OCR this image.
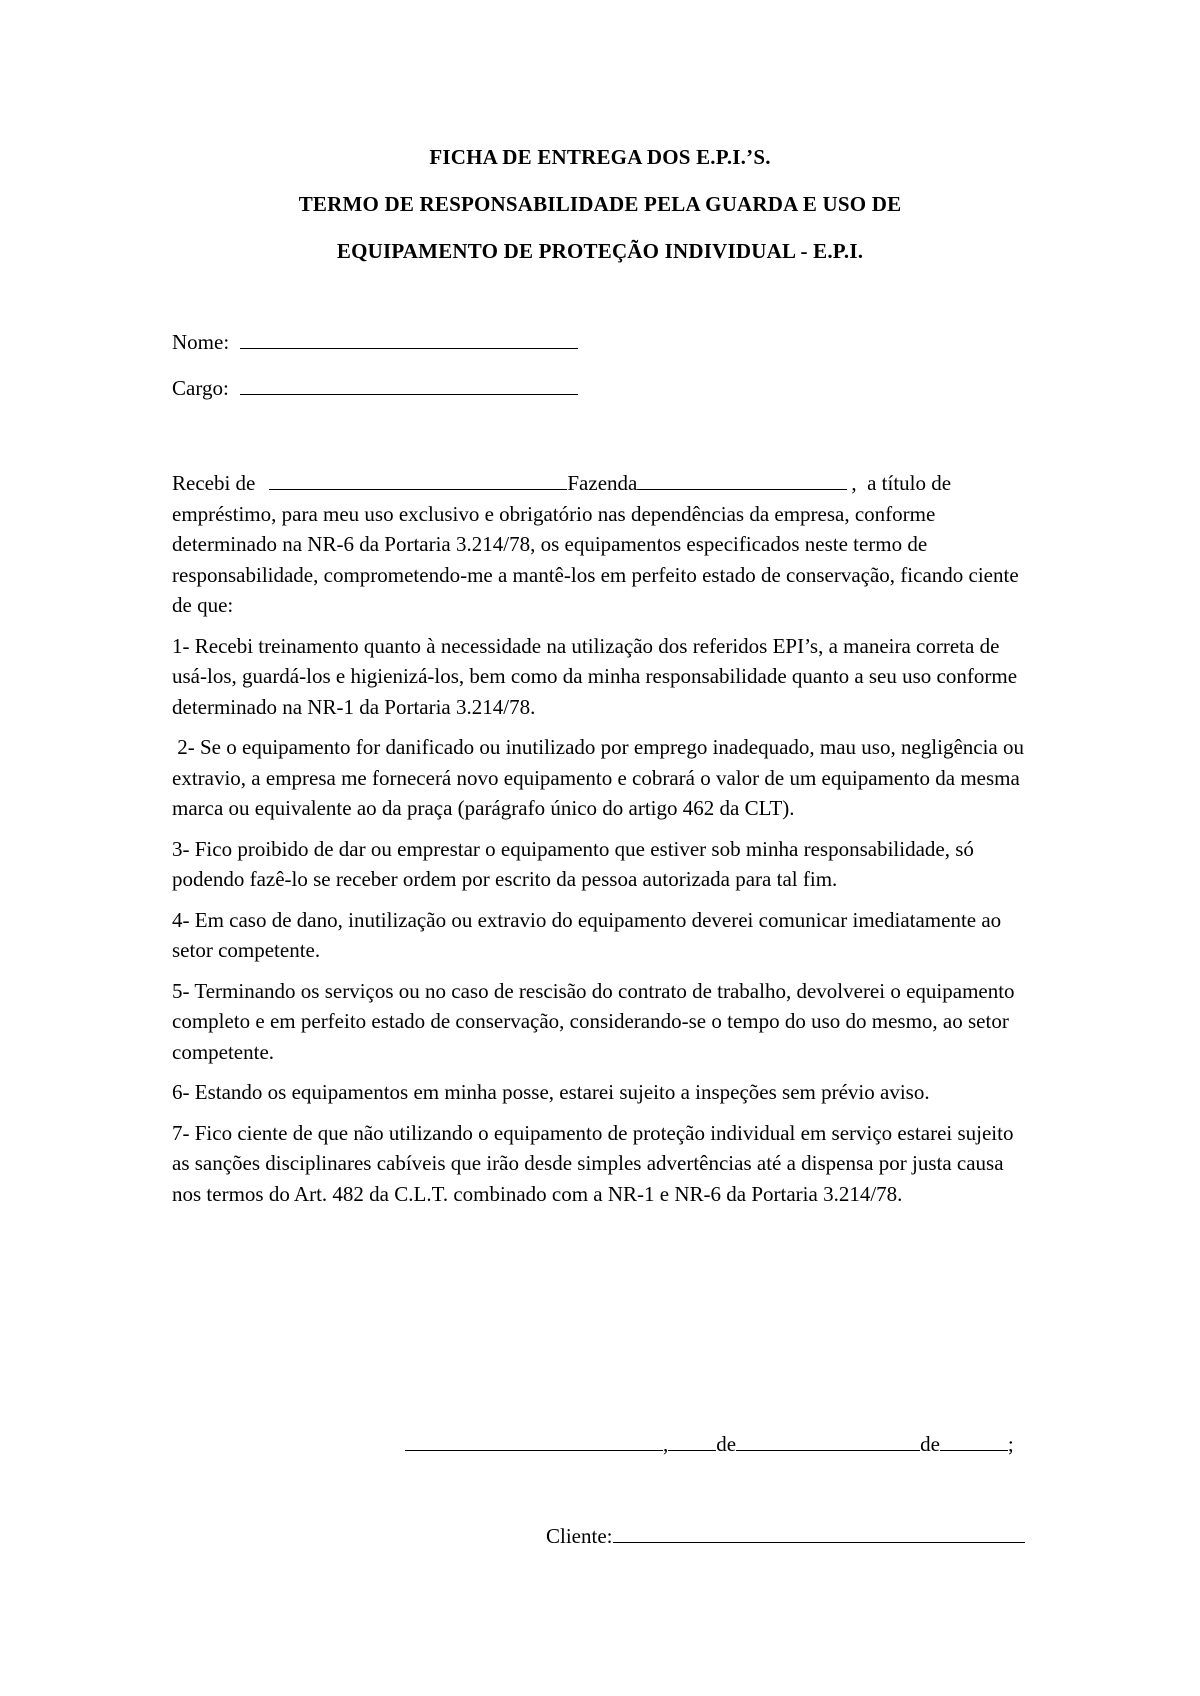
FICHA DE ENTREGA DOS E.P.I.’S.
TERMO DE RESPONSABILIDADE PELA GUARDA E USO DE
EQUIPAMENTO DE PROTEÇÃO INDIVIDUAL - E.P.I.
Nome:
Cargo:

Recebi de	Fazenda	,  a título de
empréstimo, para meu uso exclusivo e obrigatório nas dependências da empresa, conforme determinado na NR-6 da Portaria 3.214/78, os equipamentos especificados neste termo de responsabilidade, comprometendo-me a mantê-los em perfeito estado de conservação, ficando ciente de que:

1- Recebi treinamento quanto à necessidade na utilização dos referidos EPI’s, a maneira correta de usá-los, guardá-los e higienizá-los, bem como da minha responsabilidade quanto a seu uso conforme determinado na NR-1 da Portaria 3.214/78.

2- Se o equipamento for danificado ou inutilizado por emprego inadequado, mau uso, negligência ou extravio, a empresa me fornecerá novo equipamento e cobrará o valor de um equipamento da mesma marca ou equivalente ao da praça (parágrafo único do artigo 462 da CLT).

3- Fico proibido de dar ou emprestar o equipamento que estiver sob minha responsabilidade, só podendo fazê-lo se receber ordem por escrito da pessoa autorizada para tal fim.

4- Em caso de dano, inutilização ou extravio do equipamento deverei comunicar imediatamente ao setor competente.

5- Terminando os serviços ou no caso de rescisão do contrato de trabalho, devolverei o equipamento completo e em perfeito estado de conservação, considerando-se o tempo do uso do mesmo, ao setor competente.

6- Estando os equipamentos em minha posse, estarei sujeito a inspeções sem prévio aviso.

7- Fico ciente de que não utilizando o equipamento de proteção individual em serviço estarei sujeito as sanções disciplinares cabíveis que irão desde simples advertências até a dispensa por justa causa nos termos do Art. 482 da C.L.T. combinado com a NR-1 e NR-6 da Portaria 3.214/78.

, de	de	;
Cliente:
